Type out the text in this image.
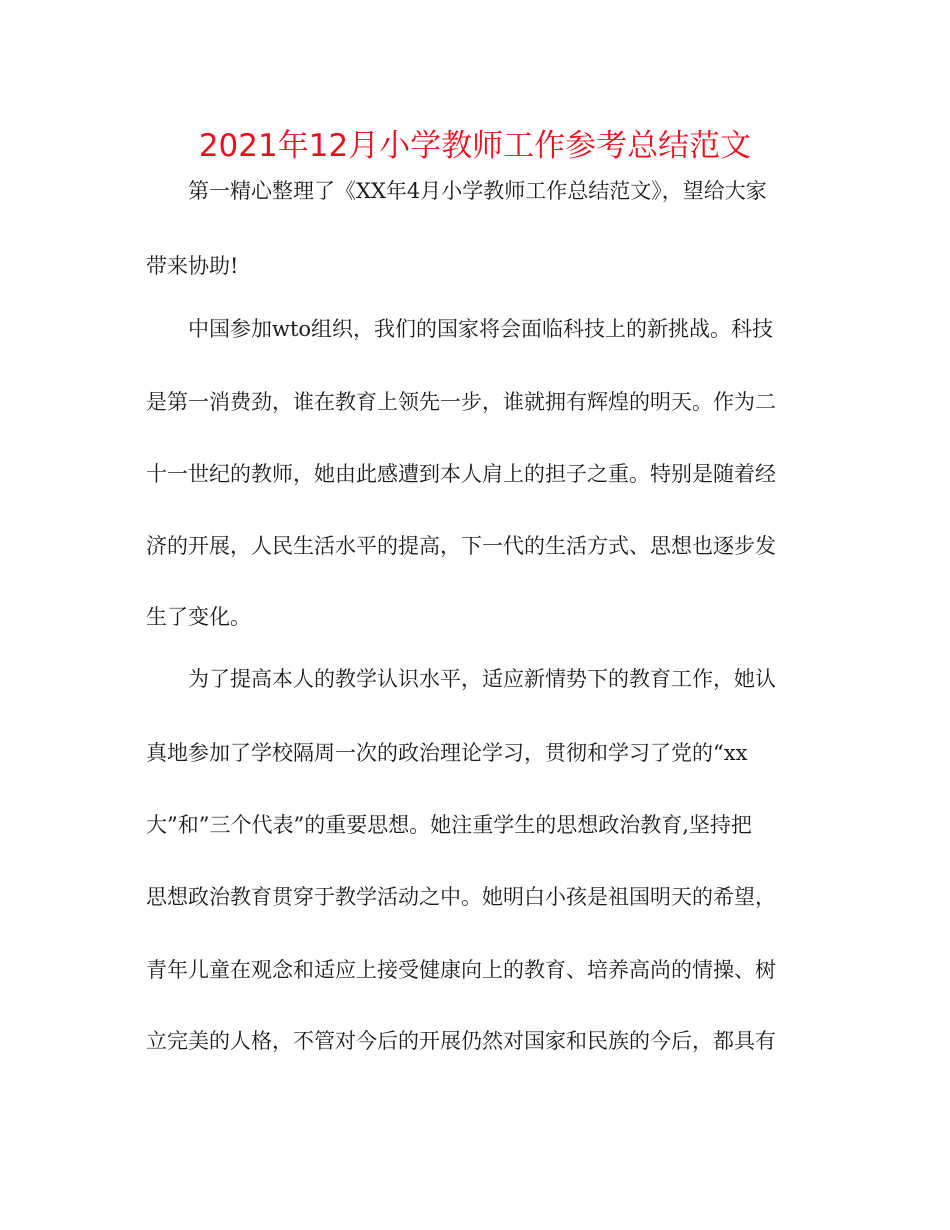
2021年12月小学教师工作参考总结范文

第一精心整理了《XX年4月小学教师工作总结范文》，望给大家

带来协助!

中国参加wto组织，我们的国家将会面临科技上的新挑战。科技

是第一消费劲，谁在教育上领先一步，谁就拥有辉煌的明天。作为二

十一世纪的教师，她由此感遭到本人肩上的担子之重。特别是随着经

济的开展，人民生活水平的提高，下一代的生活方式、思想也逐步发

生了变化。

为了提高本人的教学认识水平，适应新情势下的教育工作，她认

真地参加了学校隔周一次的政治理论学习，贯彻和学习了党的“xx

大”和”三个代表”的重要思想。她注重学生的思想政治教育,坚持把

思想政治教育贯穿于教学活动之中。她明白小孩是祖国明天的希望，

青年儿童在观念和适应上接受健康向上的教育、培养高尚的情操、树

立完美的人格，不管对今后的开展仍然对国家和民族的今后，都具有
